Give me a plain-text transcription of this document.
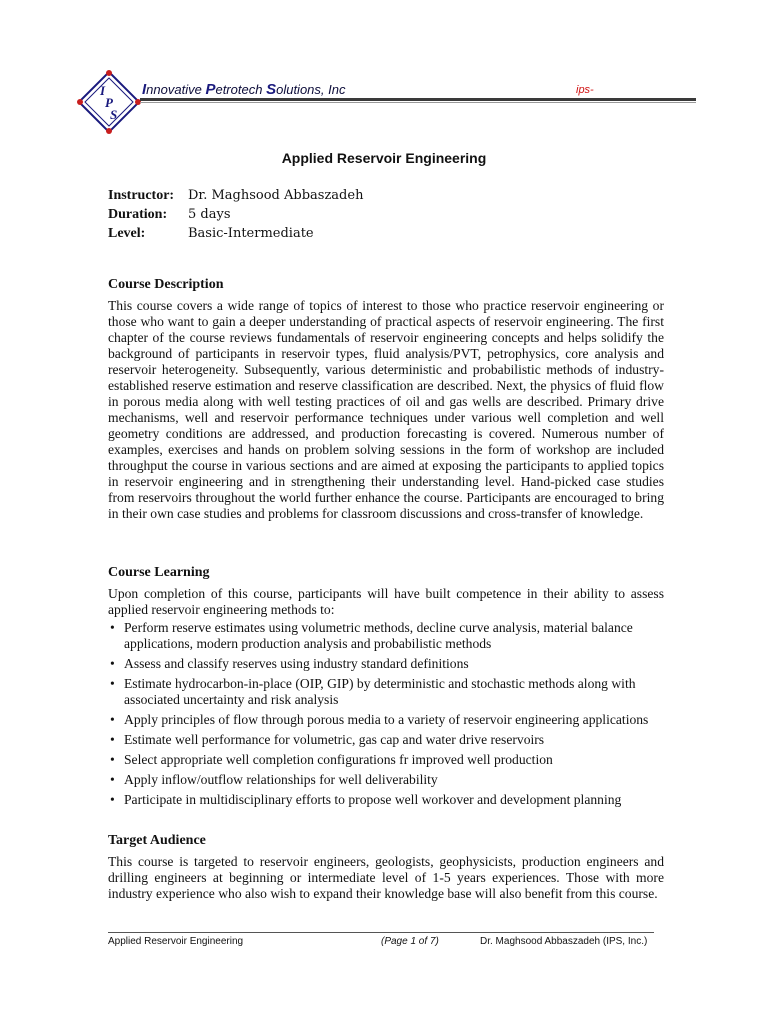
I
P
S
Innovative Petrotech Solutions, Inc	ips-
Applied Reservoir Engineering
Instructor:	Dr. Maghsood Abbaszadeh
Duration:	5 days
Level:	Basic-Intermediate
Course Description

This course covers a wide range of topics of interest to those who practice reservoir engineering or those who want to gain a deeper understanding of practical aspects of reservoir engineering. The first chapter of the course reviews fundamentals of reservoir engineering concepts and helps solidify the background of participants in reservoir types, fluid analysis/PVT, petrophysics, core analysis and reservoir heterogeneity. Subsequently, various deterministic and probabilistic methods of industry-established reserve estimation and reserve classification are described. Next, the physics of fluid flow in porous media along with well testing practices of oil and gas wells are described. Primary drive mechanisms, well and reservoir performance techniques under various well completion and well geometry conditions are addressed, and production forecasting is covered. Numerous number of examples, exercises and hands on problem solving sessions in the form of workshop are included throughput the course in various sections and are aimed at exposing the participants to applied topics in reservoir engineering and in strengthening their understanding level. Hand-picked case studies from reservoirs throughout the world further enhance the course. Participants are encouraged to bring in their own case studies and problems for classroom discussions and cross-transfer of knowledge.

Course Learning

Upon completion of this course, participants will have built competence in their ability to assess applied reservoir engineering methods to:

• Perform reserve estimates using volumetric methods, decline curve analysis, material balance applications, modern production analysis and probabilistic methods
• Assess and classify reserves using industry standard definitions
• Estimate hydrocarbon-in-place (OIP, GIP) by deterministic and stochastic methods along with associated uncertainty and risk analysis
• Apply principles of flow through porous media to a variety of reservoir engineering applications
• Estimate well performance for volumetric, gas cap and water drive reservoirs
• Select appropriate well completion configurations fr improved well production
• Apply inflow/outflow relationships for well deliverability
• Participate in multidisciplinary efforts to propose well workover and development planning
Target Audience

This course is targeted to reservoir engineers, geologists, geophysicists, production engineers and drilling engineers at beginning or intermediate level of 1-5 years experiences. Those with more industry experience who also wish to expand their knowledge base will also benefit from this course.

Applied Reservoir Engineering	(Page 1 of 7)	Dr. Maghsood Abbaszadeh (IPS, Inc.)
